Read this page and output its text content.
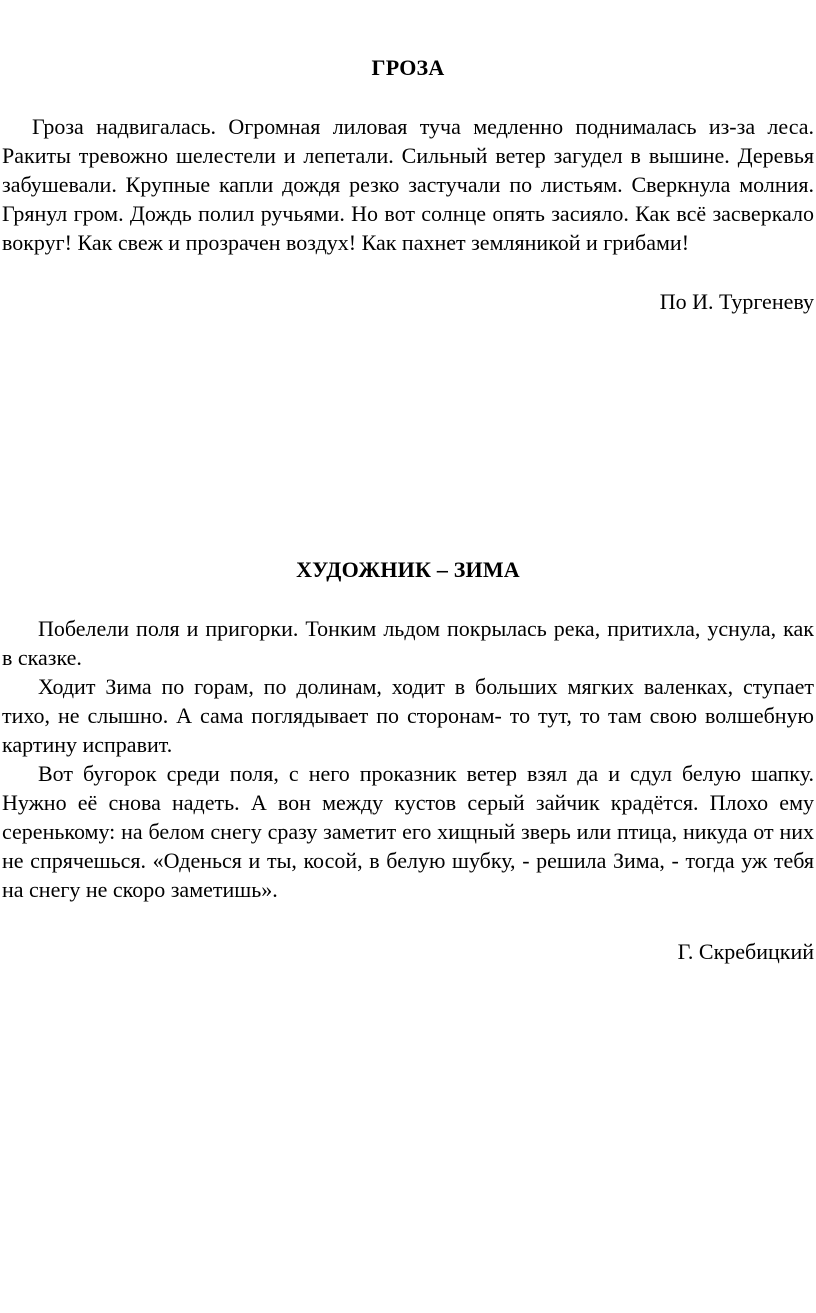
ГРОЗА

Гроза надвигалась. Огромная лиловая туча медленно поднималась из-за леса. Ракиты тревожно шелестели и лепетали. Сильный ветер загудел в вышине. Деревья забушевали. Крупные капли дождя резко застучали по листьям. Сверкнула молния. Грянул гром. Дождь полил ручьями. Но вот солнце опять засияло. Как всё засверкало вокруг! Как свеж и прозрачен воздух! Как пахнет земляникой и грибами!

По И. Тургеневу

ХУДОЖНИК – ЗИМА

Побелели поля и пригорки. Тонким льдом покрылась река, притихла, уснула, как в сказке.

Ходит Зима по горам, по долинам, ходит в больших мягких валенках, ступает тихо, не слышно. А сама поглядывает по сторонам- то тут, то там свою волшебную картину исправит.

Вот бугорок среди поля, с него проказник ветер взял да и сдул белую шапку. Нужно её снова надеть. А вон между кустов серый зайчик крадётся. Плохо ему серенькому: на белом снегу сразу заметит его хищный зверь или птица, никуда от них не спрячешься. «Оденься и ты, косой, в белую шубку, - решила Зима, - тогда уж тебя на снегу не скоро заметишь».

Г. Скребицкий
